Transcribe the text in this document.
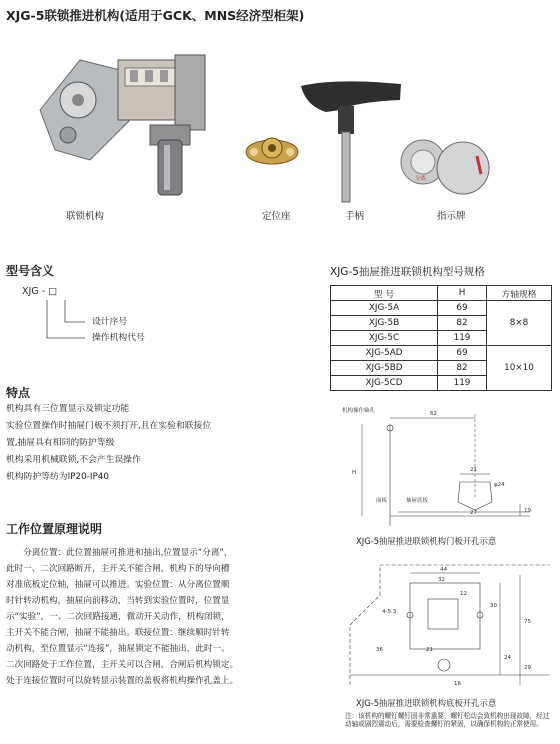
XJG-5联锁推进机构(适用于GCK、MNS经济型柜架)
联锁机构	定位座	手柄
分离
指示牌
型号含义
XJG - □
设计序号
操作机构代号
特点
机构具有三位置显示及锁定功能
实验位置操作时抽屉门板不须打开,且在实验和联接位
置,抽屉具有相同的防护等级
机构采用机械联锁,不会产生误操作
机构防护等纺为IP20-IP40
工作位置原理说明
分离位置：此位置抽屉可推进和抽出,位置显示“分离”，
此时一、二次回路断开，主开关不能合闸，机构下的导向槽
对准底板定位轴，抽屉可以推进。实验位置：从分离位置顺
时针转动机构，抽屉向前移动，当转到实验位置时，位置显
示“实验”，一、二次回路接通，微动开关动作，机构闭锁，
主开关不能合闸，抽屉不能抽出。联接位置：继续顺时针转
动机构，至位置显示“连接”，抽屉锁定不能抽出，此时一、
二次回路处于工作位置，主开关可以合闸，合闸后机构锁定。
处于连接位置时可以旋转显示装置的盖板将机构操作孔盖上。
XJG-5抽屉推进联锁机构型号规格
型 号	H	方轴规格
XJG-5A	69	8×8
XJG-5B	82	
XJG-5C	119	
XJG-5AD	69	10×10
XJG-5BD	82	
XJG-5CD	119	
机构操作轴孔	62
H	21
φ24
27	19
抽屉底板
面板
XJG-5抽屉推进联锁机构门板开孔示意
44
32
12
4-5.3
30
75
36	21
24
29
16
XJG-5抽屉推进联锁机构底板开孔示意
注：该机构的螺钉螺钉固非常重要，螺钉松动会致机构出现故障，经过动轴或剧烈震动后，需要检查螺钉的紧固，以确保机构的正常使用。
